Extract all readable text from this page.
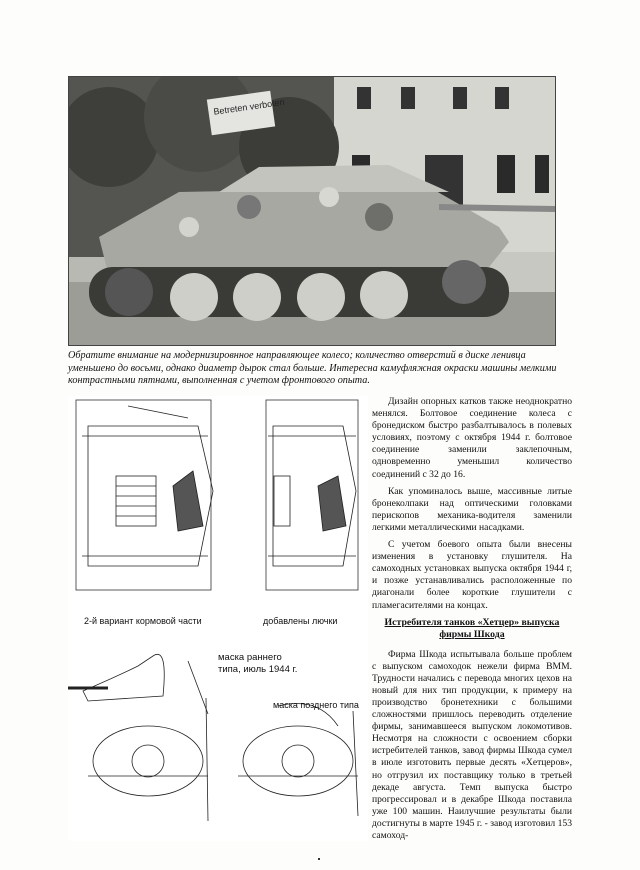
Betreten verboten
Обратите внимание на модернизировнное направляющее колесо; количество отверстий в диске ленивца уменьшено до восьми, однако диаметр дырок стал больше. Интересна камуфляжная окраски машины мелкими контрастными пятнами, выполненная с учетом фронтового опыта.
2-й вариант кормовой части	добавлены лючки
маска раннего типа, июль 1944 г.
маска позднего типа

Дизайн опорных катков также неоднократно менялся. Болтовое соединение колеса с бронедиском быстро разбалтывалось в полевых условиях, поэтому с октября 1944 г. болтовое соединение заменили заклепочным, одновременно уменьшил количество соединений с 32 до 16.

Как упоминалось выше, массивные литые бронеколпаки над оптическими головками перископов механика-водителя заменили легкими металлическими насадками.

С учетом боевого опыта были внесены изменения в установку глушителя. На самоходных установках выпуска октября 1944 г, и позже устанавливались расположенные по диагонали более короткие глушители с пламегасителями на концах.

Истребителя танков «Хетцер» выпуска фирмы Шкода

Фирма Шкода испытывала больше проблем с выпуском самоходок нежели фирма ВММ. Трудности начались с перевода многих цехов на новый для них тип продукции, к примеру на производство бронетехники с большими сложностями пришлось переводить отделение фирмы, занимавшееся выпуском локомотивов. Несмотря на сложности с освоением сборки истребителей танков, завод фирмы Шкода сумел в июле изготовить первые десять «Хетцеров», но отгрузил их поставщику только в третьей декаде августа. Темп выпуска быстро прогрессировал и в декабре Шкода поставила уже 100 машин. Наилучшие результаты были достигнуты в марте 1945 г. - завод изготовил 153 самоход-
